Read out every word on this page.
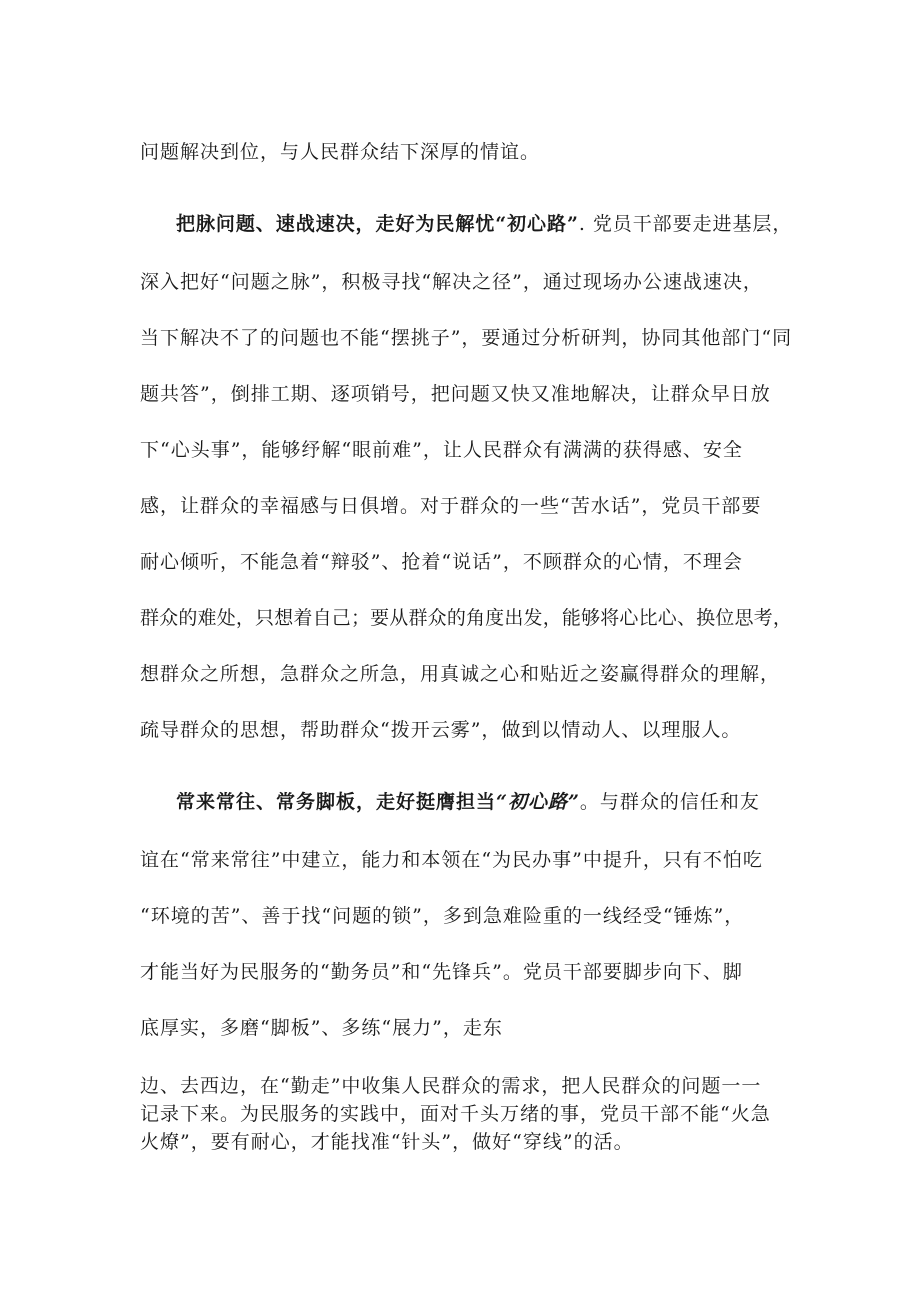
问题解决到位，与人民群众结下深厚的情谊。
把脉问题、速战速决，走好为民解忧“初心路”. 党员干部要走进基层，
深入把好“问题之脉”，积极寻找“解决之径”，通过现场办公速战速决，
当下解决不了的问题也不能“摆挑子”，要通过分析研判，协同其他部门“同
题共答”，倒排工期、逐项销号，把问题又快又准地解决，让群众早日放
下“心头事”，能够纾解“眼前难”，让人民群众有满满的获得感、安全
感，让群众的幸福感与日俱增。对于群众的一些“苦水话”，党员干部要
耐心倾听，不能急着“辩驳”、抢着“说话”，不顾群众的心情，不理会
群众的难处，只想着自己；要从群众的角度出发，能够将心比心、换位思考，
想群众之所想，急群众之所急，用真诚之心和贴近之姿赢得群众的理解，
疏导群众的思想，帮助群众“拨开云雾”，做到以情动人、以理服人。
常来常往、常务脚板，走好挺膺担当“初心路”。与群众的信任和友
谊在“常来常往”中建立，能力和本领在“为民办事”中提升，只有不怕吃
“环境的苦”、善于找“问题的锁”，多到急难险重的一线经受“锤炼”，
才能当好为民服务的“勤务员”和“先锋兵”。党员干部要脚步向下、脚
底厚实，多磨“脚板”、多练“展力”，走东
边、去西边，在“勤走”中收集人民群众的需求，把人民群众的问题一一
记录下来。为民服务的实践中，面对千头万绪的事，党员干部不能“火急
火燎”，要有耐心，才能找准“针头”，做好“穿线”的活。
